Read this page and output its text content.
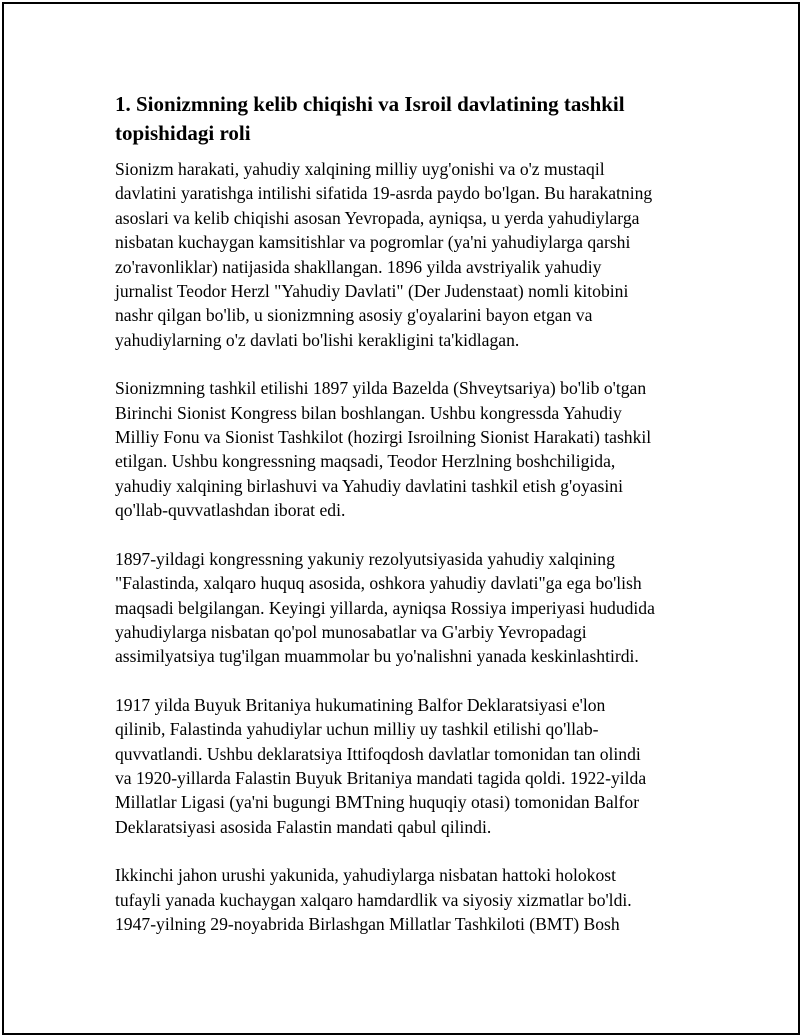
1. Sionizmning kelib chiqishi va Isroil davlatining tashkil topishidagi roli

Sionizm harakati, yahudiy xalqining milliy uyg'onishi va o'z mustaqil davlatini yaratishga intilishi sifatida 19-asrda paydo bo'lgan. Bu harakatning asoslari va kelib chiqishi asosan Yevropada, ayniqsa, u yerda yahudiylarga nisbatan kuchaygan kamsitishlar va pogromlar (ya'ni yahudiylarga qarshi zo'ravonliklar) natijasida shakllangan. 1896 yilda avstriyalik yahudiy jurnalist Teodor Herzl "Yahudiy Davlati" (Der Judenstaat) nomli kitobini nashr qilgan bo'lib, u sionizmning asosiy g'oyalarini bayon etgan va yahudiylarning o'z davlati bo'lishi kerakligini ta'kidlagan.

Sionizmning tashkil etilishi 1897 yilda Bazelda (Shveytsariya) bo'lib o'tgan Birinchi Sionist Kongress bilan boshlangan. Ushbu kongressda Yahudiy Milliy Fonu va Sionist Tashkilot (hozirgi Isroilning Sionist Harakati) tashkil etilgan. Ushbu kongressning maqsadi, Teodor Herzlning boshchiligida, yahudiy xalqining birlashuvi va Yahudiy davlatini tashkil etish g'oyasini qo'llab-quvvatlashdan iborat edi.

1897-yildagi kongressning yakuniy rezolyutsiyasida yahudiy xalqining "Falastinda, xalqaro huquq asosida, oshkora yahudiy davlati"ga ega bo'lish maqsadi belgilangan. Keyingi yillarda, ayniqsa Rossiya imperiyasi hududida yahudiylarga nisbatan qo'pol munosabatlar va G'arbiy Yevropadagi assimilyatsiya tug'ilgan muammolar bu yo'nalishni yanada keskinlashtirdi.

1917 yilda Buyuk Britaniya hukumatining Balfor Deklaratsiyasi e'lon qilinib, Falastinda yahudiylar uchun milliy uy tashkil etilishi qo'llab-quvvatlandi. Ushbu deklaratsiya Ittifoqdosh davlatlar tomonidan tan olindi va 1920-yillarda Falastin Buyuk Britaniya mandati tagida qoldi. 1922-yilda Millatlar Ligasi (ya'ni bugungi BMTning huquqiy otasi) tomonidan Balfor Deklaratsiyasi asosida Falastin mandati qabul qilindi.

Ikkinchi jahon urushi yakunida, yahudiylarga nisbatan hattoki holokost tufayli yanada kuchaygan xalqaro hamdardlik va siyosiy xizmatlar bo'ldi. 1947-yilning 29-noyabrida Birlashgan Millatlar Tashkiloti (BMT) Bosh
